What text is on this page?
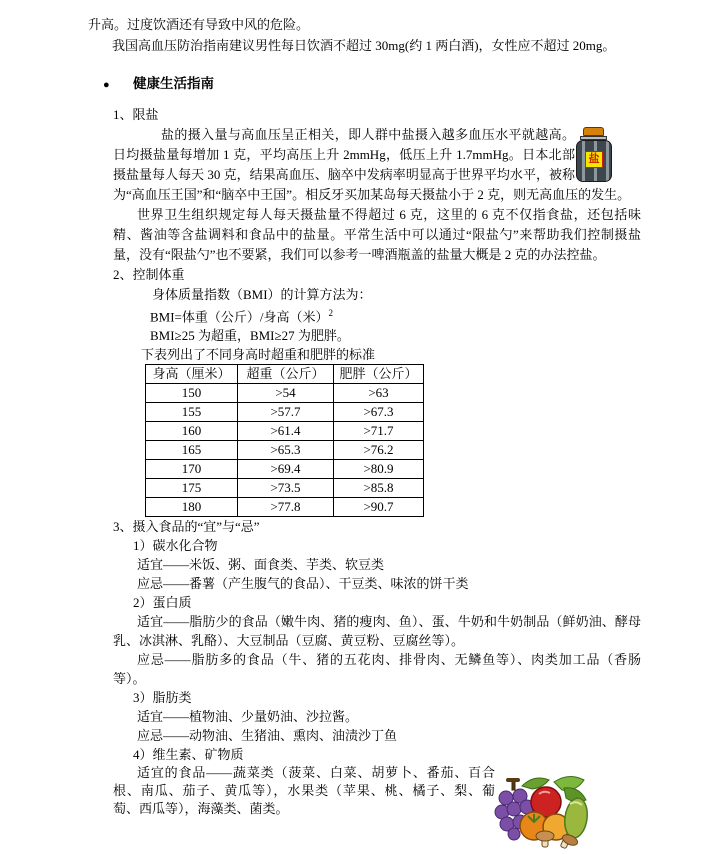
升高。过度饮酒还有导致中风的危险。
我国高血压防治指南建议男性每日饮酒不超过 30mg(约 1 两白酒)，女性应不超过 20mg。
● 健康生活指南
1、限盐
盐

盐的摄入量与高血压呈正相关，即人群中盐摄入越多血压水平就越高。日均摄盐量每增加 1 克，平均高压上升 2mmHg，低压上升 1.7mmHg。日本北部摄盐量每人每天 30 克，结果高血压、脑卒中发病率明显高于世界平均水平，被称为“高血压王国”和“脑卒中王国”。相反牙买加某岛每天摄盐小于 2 克，则无高血压的发生。

世界卫生组织规定每人每天摄盐量不得超过 6 克，这里的 6 克不仅指食盐，还包括味精、酱油等含盐调料和食品中的盐量。平常生活中可以通过“限盐勺”来帮助我们控制摄盐量，没有“限盐勺”也不要紧，我们可以参考一啤酒瓶盖的盐量大概是 2 克的办法控盐。

2、控制体重
身体质量指数（BMI）的计算方法为：
BMI=体重（公斤）/身高（米）$^2$
BMI≥25 为超重，BMI≥27 为肥胖。
下表列出了不同身高时超重和肥胖的标准
身高（厘米）	超重（公斤）	肥胖（公斤）
150	>54	>63
155	>57.7	>67.3
160	>61.4	>71.7
165	>65.3	>76.2
170	>69.4	>80.9
175	>73.5	>85.8
180	>77.8	>90.7
3、摄入食品的“宜”与“忌”
1）碳水化合物
适宜——米饭、粥、面食类、芋类、软豆类
应忌——番薯（产生腹气的食品）、干豆类、味浓的饼干类
2）蛋白质
适宜——脂肪少的食品（嫩牛肉、猪的瘦肉、鱼）、蛋、牛奶和牛奶制品（鲜奶油、酵母乳、冰淇淋、乳酪）、大豆制品（豆腐、黄豆粉、豆腐丝等）。
应忌——脂肪多的食品（牛、猪的五花肉、排骨肉、无鳞鱼等）、肉类加工品（香肠等）。
3）脂肪类
适宜——植物油、少量奶油、沙拉酱。
应忌——动物油、生猪油、熏肉、油渍沙丁鱼
4）维生素、矿物质
适宜的食品——蔬菜类（菠菜、白菜、胡萝卜、番茄、百合根、南瓜、茄子、黄瓜等），水果类（苹果、桃、橘子、梨、葡萄、西瓜等），海藻类、菌类。
